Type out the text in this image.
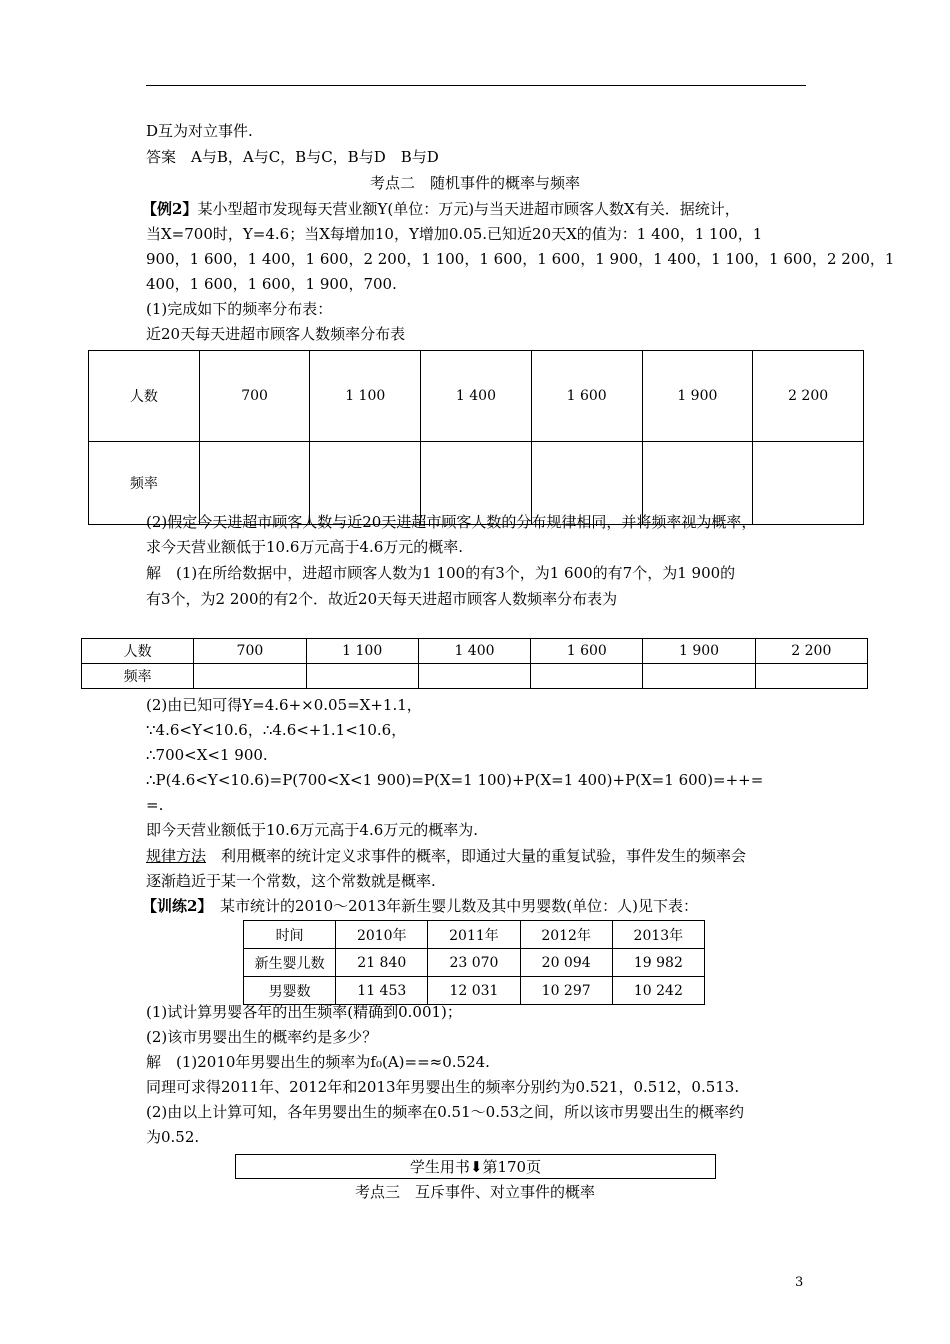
D互为对立事件.
答案　A与B，A与C，B与C，B与D　B与D
考点二　随机事件的概率与频率
【例2】某小型超市发现每天营业额Y(单位：万元)与当天进超市顾客人数X有关．据统计，
当X=700时，Y=4.6；当X每增加10，Y增加0.05.已知近20天X的值为：1 400，1 100，1
900，1 600，1 400，1 600，2 200，1 100，1 600，1 600，1 900，1 400，1 100，1 600，2 200，1
400，1 600，1 600，1 900，700.
(1)完成如下的频率分布表：
近20天每天进超市顾客人数频率分布表
人数	700	1 100	1 400	1 600	1 900	2 200
频率						
(2)假定今天进超市顾客人数与近20天进超市顾客人数的分布规律相同，并将频率视为概率，
求今天营业额低于10.6万元高于4.6万元的概率.
解　(1)在所给数据中，进超市顾客人数为1 100的有3个，为1 600的有7个，为1 900的
有3个，为2 200的有2个．故近20天每天进超市顾客人数频率分布表为
人数	700	1 100	1 400	1 600	1 900	2 200
频率						
(2)由已知可得Y=4.6+×0.05=X+1.1，
∵4.6<Y<10.6，∴4.6<+1.1<10.6，
∴700<X<1 900.
∴P(4.6<Y<10.6)=P(700<X<1 900)=P(X=1 100)+P(X=1 400)+P(X=1 600)=++=
=.
即今天营业额低于10.6万元高于4.6万元的概率为.
规律方法　利用概率的统计定义求事件的概率，即通过大量的重复试验，事件发生的频率会
逐渐趋近于某一个常数，这个常数就是概率.
【训练2】　某市统计的2010～2013年新生婴儿数及其中男婴数(单位：人)见下表：
时间	2010年	2011年	2012年	2013年
新生婴儿数	21 840	23 070	20 094	19 982
男婴数	11 453	12 031	10 297	10 242
(1)试计算男婴各年的出生频率(精确到0.001)；
(2)该市男婴出生的概率约是多少？
解　(1)2010年男婴出生的频率为f₀(A)==≈0.524.
同理可求得2011年、2012年和2013年男婴出生的频率分别约为0.521，0.512，0.513.
(2)由以上计算可知，各年男婴出生的频率在0.51～0.53之间，所以该市男婴出生的概率约
为0.52.
学生用书⬇第170页
考点三　互斥事件、对立事件的概率
3
